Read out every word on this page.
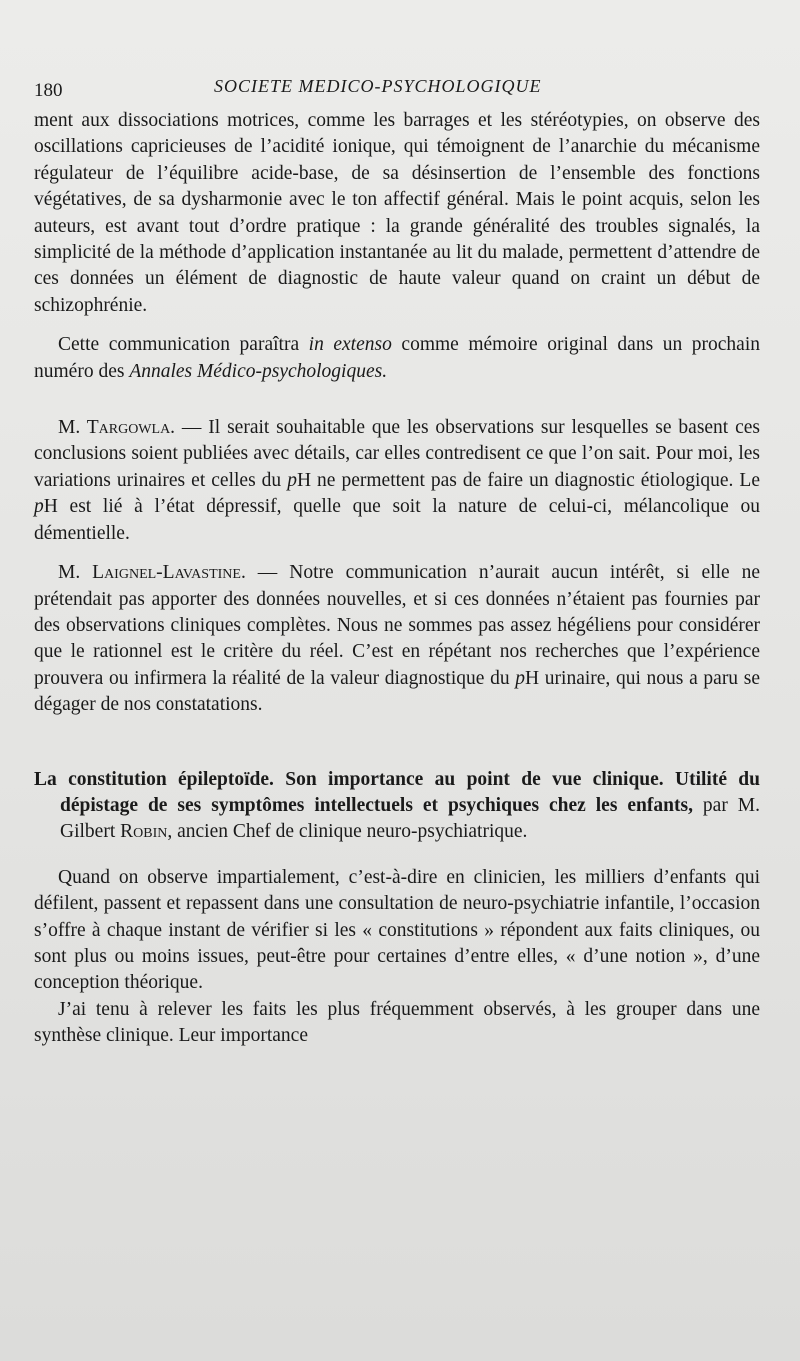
180	SOCIETE MEDICO-PSYCHOLOGIQUE

ment aux dissociations motrices, comme les barrages et les stéréotypies, on observe des oscillations capricieuses de l’acidité ionique, qui témoignent de l’anarchie du mécanisme régulateur de l’équilibre acide-base, de sa désinsertion de l’ensemble des fonctions végétatives, de sa dysharmonie avec le ton affectif général. Mais le point acquis, selon les auteurs, est avant tout d’ordre pratique : la grande généralité des troubles signalés, la simplicité de la méthode d’application instantanée au lit du malade, permettent d’attendre de ces données un élément de diagnostic de haute valeur quand on craint un début de schizophrénie.

Cette communication paraîtra in extenso comme mémoire original dans un prochain numéro des Annales Médico-psychologiques.

M. Targowla. — Il serait souhaitable que les observations sur lesquelles se basent ces conclusions soient publiées avec détails, car elles contredisent ce que l’on sait. Pour moi, les variations urinaires et celles du pH ne permettent pas de faire un diagnostic étiologique. Le pH est lié à l’état dépressif, quelle que soit la nature de celui-ci, mélancolique ou démentielle.

M. Laignel-Lavastine. — Notre communication n’aurait aucun intérêt, si elle ne prétendait pas apporter des données nouvelles, et si ces données n’étaient pas fournies par des observations cliniques complètes. Nous ne sommes pas assez hégéliens pour considérer que le rationnel est le critère du réel. C’est en répétant nos recherches que l’expérience prouvera ou infirmera la réalité de la valeur diagnostique du pH urinaire, qui nous a paru se dégager de nos constatations.

La constitution épileptoïde. Son importance au point de vue clinique. Utilité du dépistage de ses symptômes intellectuels et psychiques chez les enfants, par M. Gilbert Robin, ancien Chef de clinique neuro-psychiatrique.

Quand on observe impartialement, c’est-à-dire en clinicien, les milliers d’enfants qui défilent, passent et repassent dans une consultation de neuro-psychiatrie infantile, l’occasion s’offre à chaque instant de vérifier si les « constitutions » répondent aux faits cliniques, ou sont plus ou moins issues, peut-être pour certaines d’entre elles, « d’une notion », d’une conception théorique.

J’ai tenu à relever les faits les plus fréquemment observés, à les grouper dans une synthèse clinique. Leur importance
